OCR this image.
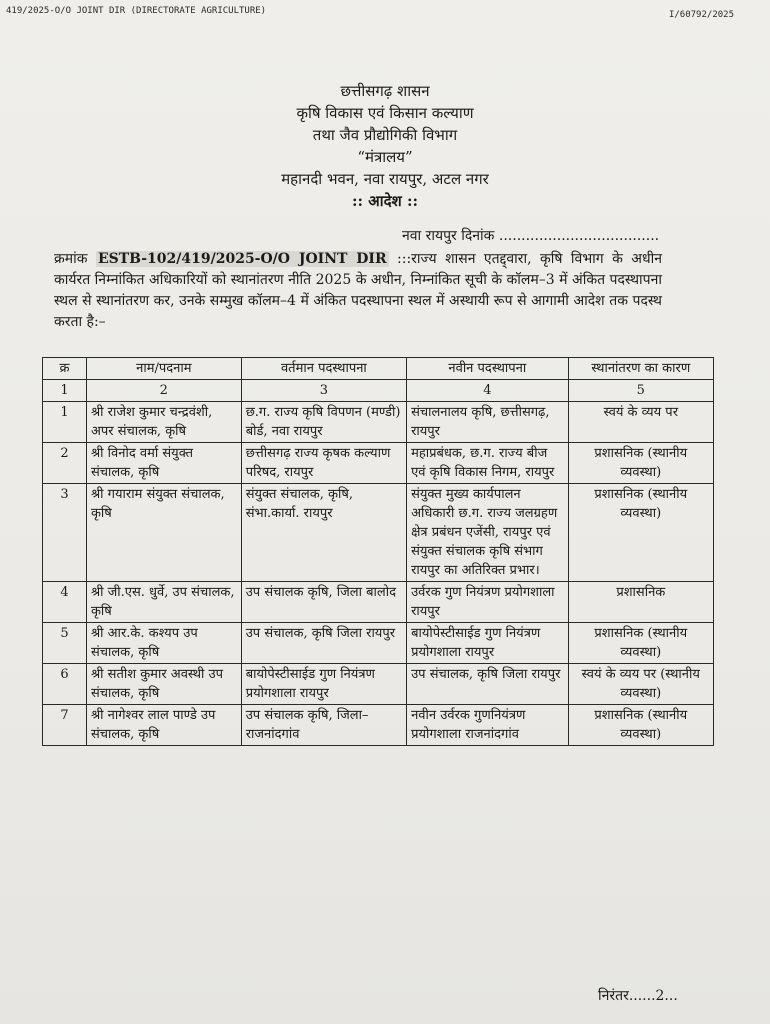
419/2025-O/O JOINT DIR (DIRECTORATE AGRICULTURE)	I/60792/2025
छत्तीसगढ़ शासन
कृषि विकास एवं किसान कल्याण
तथा जैव प्रौद्योगिकी विभाग
“मंत्रालय”
महानदी भवन, नवा रायपुर, अटल नगर
:: आदेश ::
नवा रायपुर दिनांक ....................................
क्रमांक ESTB-102/419/2025-O/O JOINT DIR :::राज्य शासन एतद्द्वारा, कृषि विभाग के अधीन कार्यरत निम्नांकित अधिकारियों को स्थानांतरण नीति 2025 के अधीन, निम्नांकित सूची के कॉलम–3 में अंकित पदस्थापना स्थल से स्थानांतरण कर, उनके सम्मुख कॉलम–4 में अंकित पदस्थापना स्थल में अस्थायी रूप से आगामी आदेश तक पदस्थ करता है:–
क्र	नाम/पदनाम	वर्तमान पदस्थापना	नवीन पदस्थापना	स्थानांतरण का कारण
1	2	3	4	5
1	श्री राजेश कुमार चन्द्रवंशी, अपर संचालक, कृषि	छ.ग. राज्य कृषि विपणन (मण्डी) बोर्ड, नवा रायपुर	संचालनालय कृषि, छत्तीसगढ़, रायपुर	स्वयं के व्यय पर
2	श्री विनोद वर्मा संयुक्त संचालक, कृषि	छत्तीसगढ़ राज्य कृषक कल्याण परिषद, रायपुर	महाप्रबंधक, छ.ग. राज्य बीज एवं कृषि विकास निगम, रायपुर	प्रशासनिक (स्थानीय व्यवस्था)
3	श्री गयाराम संयुक्त संचालक, कृषि	संयुक्त संचालक, कृषि, संभा.कार्या. रायपुर	संयुक्त मुख्य कार्यपालन अधिकारी छ.ग. राज्य जलग्रहण क्षेत्र प्रबंधन एजेंसी, रायपुर एवं संयुक्त संचालक कृषि संभाग रायपुर का अतिरिक्त प्रभार।	प्रशासनिक (स्थानीय व्यवस्था)
4	श्री जी.एस. धुर्वे, उप संचालक, कृषि	उप संचालक कृषि, जिला बालोद	उर्वरक गुण नियंत्रण प्रयोगशाला रायपुर	प्रशासनिक
5	श्री आर.के. कश्यप उप संचालक, कृषि	उप संचालक, कृषि जिला रायपुर	बायोपेस्टीसाईड गुण नियंत्रण प्रयोगशाला रायपुर	प्रशासनिक (स्थानीय व्यवस्था)
6	श्री सतीश कुमार अवस्थी उप संचालक, कृषि	बायोपेस्टीसाईड गुण नियंत्रण प्रयोगशाला रायपुर	उप संचालक, कृषि जिला रायपुर	स्वयं के व्यय पर (स्थानीय व्यवस्था)
7	श्री नागेश्वर लाल पाण्डे उप संचालक, कृषि	उप संचालक कृषि, जिला–राजनांदगांव	नवीन उर्वरक गुणनियंत्रण प्रयोगशाला राजनांदगांव	प्रशासनिक (स्थानीय व्यवस्था)
निरंतर......2...
